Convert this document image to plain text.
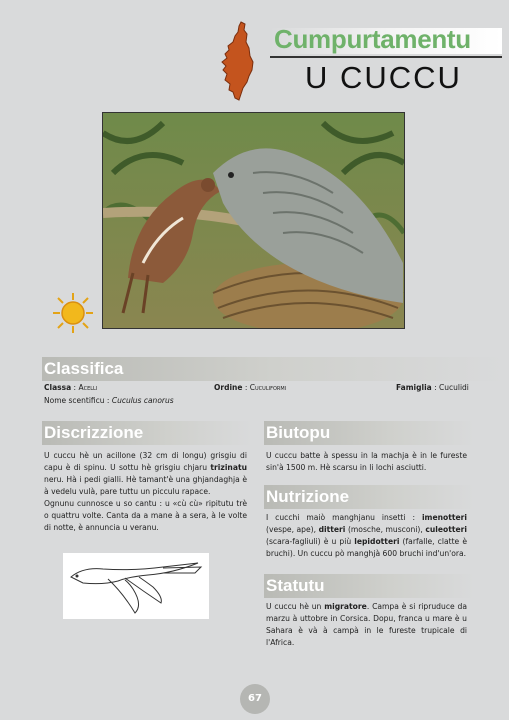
Cumpurtamentu
U CUCCU
Classifica
Classa : Acelli	Ordine : Cuculiformi	Famiglia : Cuculidi
Nome scentificu : Cuculus canorus
Discrizzione
U cuccu hè un acillone (32 cm di longu) grisgiu di capu è di spinu. U sottu hè grisgiu chjaru trizinatu neru. Hà i pedi gialli. Hè tamant'è una ghjandaghja è à vedelu vulà, pare tuttu un picculu rapace.
Ognunu cunnosce u so cantu : u «cù cù» ripitutu trè o quattru volte. Canta da a mane à a sera, à le volte di notte, è annuncia u veranu.
Biutopu
U cuccu batte à spessu in la machja è in le fureste sin'à 1500 m. Hè scarsu in li lochi asciutti.
Nutrizione
I cucchi maiò manghjanu insetti : imenotteri (vespe, ape), ditteri (mosche, musconi), culeotteri (scara-fagliuli) è u più lepidotteri (farfalle, clatte è bruchi). Un cuccu pò manghjà 600 bruchi ind'un'ora.
Statutu
U cuccu hè un migratore. Campa è si ripruduce da marzu à uttobre in Corsica. Dopu, franca u mare è u Sahara è và à campà in le fureste trupicale di l'Africa.
67
